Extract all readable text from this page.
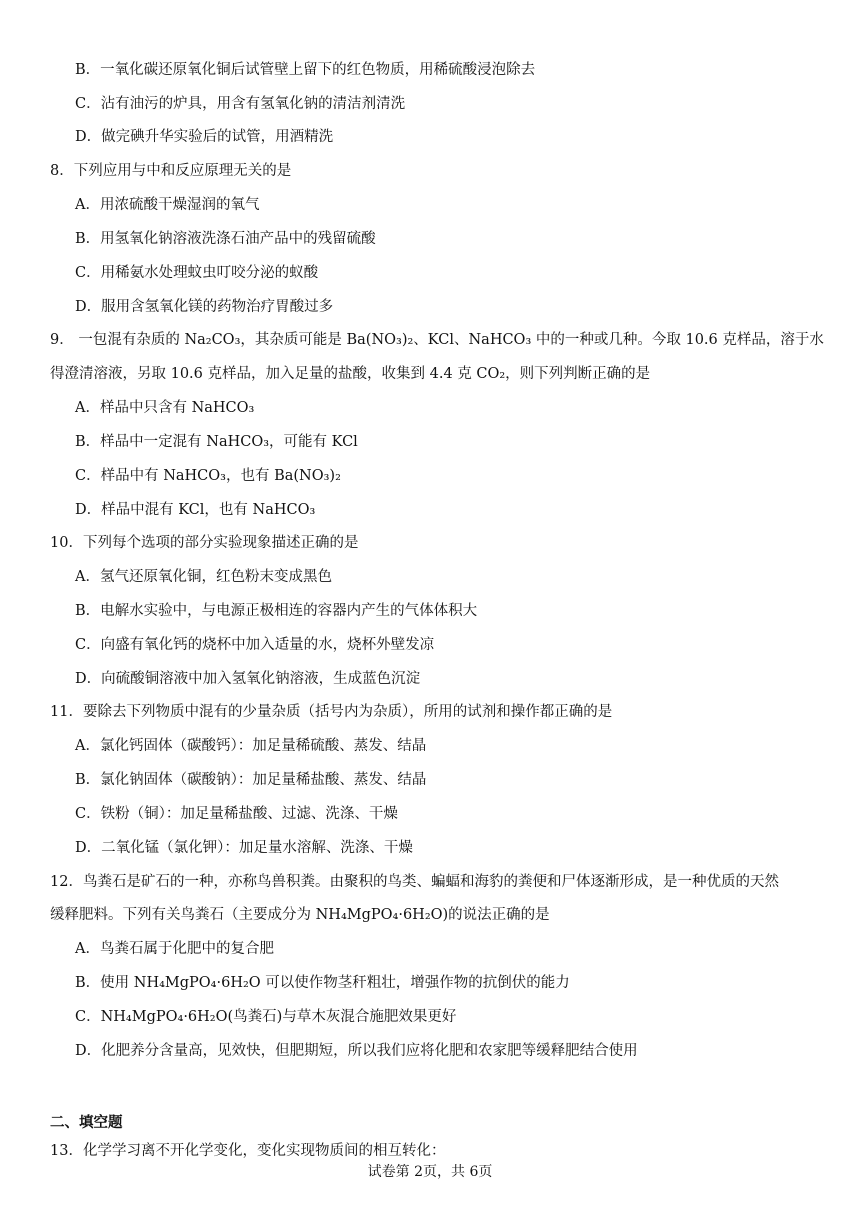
B．一氧化碳还原氧化铜后试管壁上留下的红色物质，用稀硫酸浸泡除去
C．沾有油污的炉具，用含有氢氧化钠的清洁剂清洗
D．做完碘升华实验后的试管，用酒精洗
8．下列应用与中和反应原理无关的是
A．用浓硫酸干燥湿润的氧气
B．用氢氧化钠溶液洗涤石油产品中的残留硫酸
C．用稀氨水处理蚊虫叮咬分泌的蚁酸
D．服用含氢氧化镁的药物治疗胃酸过多
9． 一包混有杂质的 Na₂CO₃，其杂质可能是 Ba(NO₃)₂、KCl、NaHCO₃ 中的一种或几种。今取 10.6 克样品，溶于水
得澄清溶液，另取 10.6 克样品，加入足量的盐酸，收集到 4.4 克 CO₂，则下列判断正确的是
A．样品中只含有 NaHCO₃
B．样品中一定混有 NaHCO₃，可能有 KCl
C．样品中有 NaHCO₃，也有 Ba(NO₃)₂
D．样品中混有 KCl，也有 NaHCO₃
10．下列每个选项的部分实验现象描述正确的是
A．氢气还原氧化铜，红色粉末变成黑色
B．电解水实验中，与电源正极相连的容器内产生的气体体积大
C．向盛有氧化钙的烧杯中加入适量的水，烧杯外壁发凉
D．向硫酸铜溶液中加入氢氧化钠溶液，生成蓝色沉淀
11．要除去下列物质中混有的少量杂质（括号内为杂质），所用的试剂和操作都正确的是
A．氯化钙固体（碳酸钙）：加足量稀硫酸、蒸发、结晶
B．氯化钠固体（碳酸钠）：加足量稀盐酸、蒸发、结晶
C．铁粉（铜）：加足量稀盐酸、过滤、洗涤、干燥
D．二氧化锰（氯化钾）：加足量水溶解、洗涤、干燥
12．鸟粪石是矿石的一种，亦称鸟兽积粪。由聚积的鸟类、蝙蝠和海豹的粪便和尸体逐渐形成，是一种优质的天然
缓释肥料。下列有关鸟粪石（主要成分为 NH₄MgPO₄·6H₂O)的说法正确的是
A．鸟粪石属于化肥中的复合肥
B．使用 NH₄MgPO₄·6H₂O 可以使作物茎秆粗壮，增强作物的抗倒伏的能力
C．NH₄MgPO₄·6H₂O(鸟粪石)与草木灰混合施肥效果更好
D．化肥养分含量高，见效快，但肥期短，所以我们应将化肥和农家肥等缓释肥结合使用
二、填空题
13．化学学习离不开化学变化，变化实现物质间的相互转化：
试卷第 2页，共 6页
